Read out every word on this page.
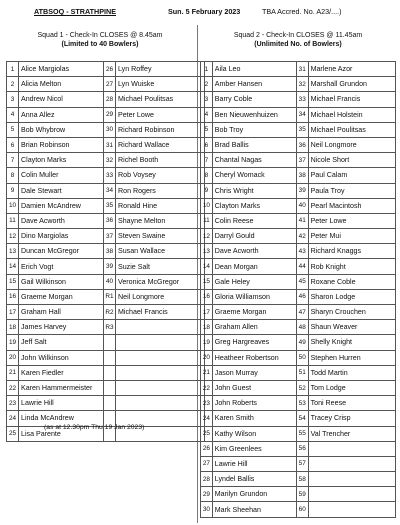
ATBSOQ - STRATHPINE	Sun. 5 February 2023	TBA Accred. No. A23/....)
Squad 1 - Check-In CLOSES @ 8.45am
(Limited to 40 Bowlers)
Squad 2 - Check-In CLOSES @ 11.45am
(Unlimited No. of Bowlers)
1	Alice Margiolas	26	Lyn Roffey
2	Alicia Melton	27	Lyn Wuiske
3	Andrew Nicol	28	Michael Poulitsas
4	Anna Allez	29	Peter Lowe
5	Bob Whybrow	30	Richard Robinson
6	Brian Robinson	31	Richard Wallace
7	Clayton Marks	32	Richel Booth
8	Colin Muller	33	Rob Voysey
9	Dale Stewart	34	Ron Rogers
10	Damien McAndrew	35	Ronald Hine
11	Dave Acworth	36	Shayne Melton
12	Dino Margiolas	37	Steven Swaine
13	Duncan McGregor	38	Susan Wallace
14	Erich Vogt	39	Suzie Salt
15	Gail Wilkinson	40	Veronica McGregor
16	Graeme Morgan	R1	Neil Longmore
17	Graham Hall	R2	Michael Francis
18	James Harvey	R3	
19	Jeff Salt		
20	John Wilkinson		
21	Karen Fiedler		
22	Karen Hammermeister		
23	Lawrie Hill		
24	Linda McAndrew		
25	Lisa Parente		
1	Aila Leo	31	Marlene Azor
2	Amber Hansen	32	Marshall Grundon
3	Barry Coble	33	Michael Francis
4	Ben Nieuwenhuizen	34	Michael Holstein
5	Bob Troy	35	Michael Poulitsas
6	Brad Ballis	36	Neil Longmore
7	Chantal Nagas	37	Nicole Short
8	Cheryl Womack	38	Paul Calam
9	Chris Wright	39	Paula Troy
10	Clayton Marks	40	Pearl Macintosh
11	Colin Reese	41	Peter Lowe
12	Darryl Gould	42	Peter Mui
13	Dave Acworth	43	Richard Knaggs
14	Dean Morgan	44	Rob Knight
15	Gale Heley	45	Roxane Coble
16	Gloria Williamson	46	Sharon Lodge
17	Graeme Morgan	47	Sharyn Crouchen
18	Graham Allen	48	Shaun Weaver
19	Greg Hargreaves	49	Shelly Knight
20	Heatheer Robertson	50	Stephen Hurren
21	Jason Murray	51	Todd Martin
22	John Guest	52	Tom Lodge
23	John Roberts	53	Toni Reese
24	Karen Smith	54	Tracey Crisp
25	Kathy Wilson	55	Val Trencher
26	Kim Greenlees	56	
27	Lawrie Hill	57	
28	Lyndel Ballis	58	
29	Marilyn Grundon	59	
30	Mark Sheehan	60	
(as at 12.30pm Thu 19 Jan 2023)
